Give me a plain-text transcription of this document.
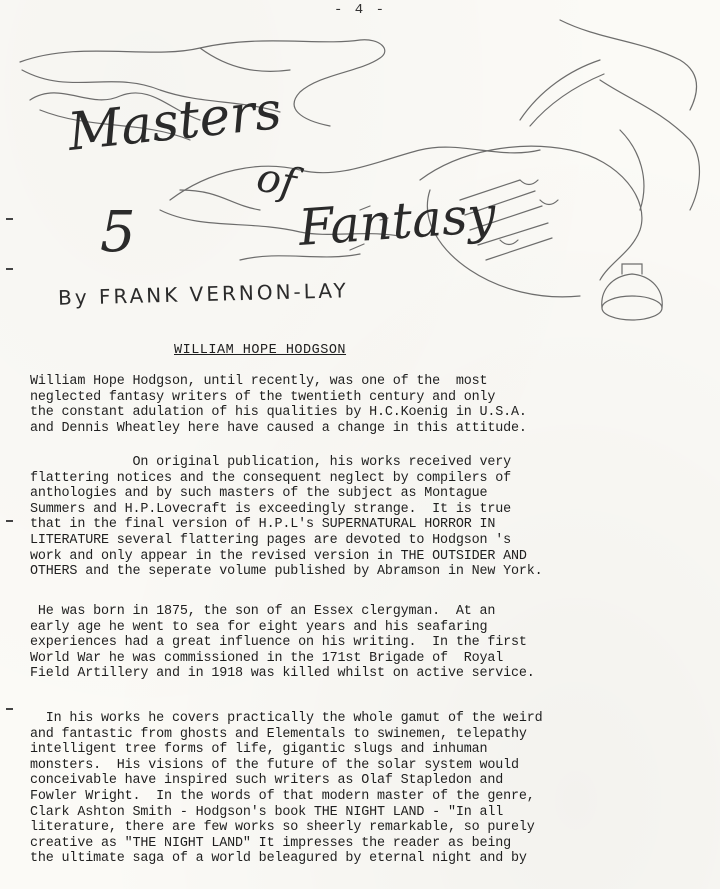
- 4 -
Masters
of
Fantasy
5
By FRANK VERNON-LAY
WILLIAM HOPE HODGSON
William Hope Hodgson, until recently, was one of the  most
neglected fantasy writers of the twentieth century and only
the constant adulation of his qualities by H.C.Koenig in U.S.A.
and Dennis Wheatley here have caused a change in this attitude.
On original publication, his works received very
flattering notices and the consequent neglect by compilers of
anthologies and by such masters of the subject as Montague
Summers and H.P.Lovecraft is exceedingly strange.  It is true
that in the final version of H.P.L's SUPERNATURAL HORROR IN
LITERATURE several flattering pages are devoted to Hodgson 's
work and only appear in the revised version in THE OUTSIDER AND
OTHERS and the seperate volume published by Abramson in New York.
He was born in 1875, the son of an Essex clergyman.  At an
early age he went to sea for eight years and his seafaring
experiences had a great influence on his writing.  In the first
World War he was commissioned in the 171st Brigade of  Royal
Field Artillery and in 1918 was killed whilst on active service.
In his works he covers practically the whole gamut of the weird
and fantastic from ghosts and Elementals to swinemen, telepathy
intelligent tree forms of life, gigantic slugs and inhuman
monsters.  His visions of the future of the solar system would
conceivable have inspired such writers as Olaf Stapledon and
Fowler Wright.  In the words of that modern master of the genre,
Clark Ashton Smith - Hodgson's book THE NIGHT LAND - "In all
literature, there are few works so sheerly remarkable, so purely
creative as "THE NIGHT LAND" It impresses the reader as being
the ultimate saga of a world beleagured by eternal night and by
